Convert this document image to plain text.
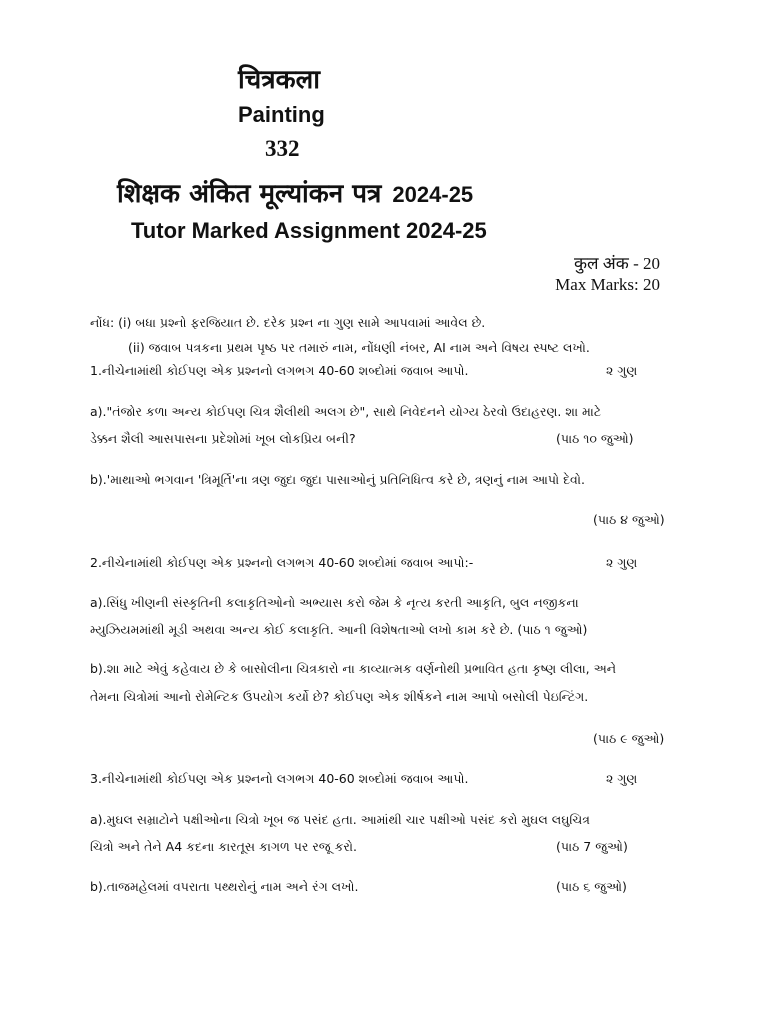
चित्रकला
Painting
332
शिक्षक अंकित मूल्यांकन पत्र 2024-25
Tutor Marked Assignment 2024-25
कुल अंक - 20
Max Marks: 20
નોંધ: (i) બધા પ્રશ્નો ફરજિયાત છે. દરેક પ્રશ્ન ના ગુણ સામે આપવામાં આવેલ છે.
(ii) જવાબ પત્રકના પ્રથમ પૃષ્ઠ પર તમારું નામ, નોંધણી નંબર, AI નામ અને વિષય સ્પષ્ટ લખો.
1.નીચેનામાંથી કોઈપણ એક પ્રશ્નનો લગભગ 40-60 શબ્દોમાં જવાબ આપો.	૨ ગુણ
a)."તંજોર કળા અન્ય કોઈપણ ચિત્ર શૈલીથી અલગ છે", સાથે નિવેદનને યોગ્ય ઠેરવો ઉદાહરણ. શા માટે
ડેક્કન શૈલી આસપાસના પ્રદેશોમાં ખૂબ લોકપ્રિય બની?	(પાઠ ૧૦ જુઓ)
b).'માથાઓ ભગવાન 'ત્રિમૂર્તિ'ના ત્રણ જુદા જુદા પાસાઓનું પ્રતિનિધિત્વ કરે છે, ત્રણનું નામ આપો દેવો.
(પાઠ ૪ જુઓ)
2.નીચેનામાંથી કોઈપણ એક પ્રશ્નનો લગભગ 40-60 શબ્દોમાં જવાબ આપો:-	૨ ગુણ
a).સિંધુ ખીણની સંસ્કૃતિની કલાકૃતિઓનો અભ્યાસ કરો જેમ કે નૃત્ય કરતી આકૃતિ, બુલ નજીકના
મ્યુઝિયમમાંથી મૂડી અથવા અન્ય કોઈ કલાકૃતિ. આની વિશેષતાઓ લખો કામ કરે છે. (પાઠ ૧ જુઓ)
b).શા માટે એવું કહેવાય છે કે બાસોલીના ચિત્રકારો ના કાવ્યાત્મક વર્ણનોથી પ્રભાવિત હતા કૃષ્ણ લીલા, અને
તેમના ચિત્રોમાં આનો રોમેન્ટિક ઉપયોગ કર્યો છે? કોઈપણ એક શીર્ષકને નામ આપો બસોલી પેઇન્ટિંગ.
(પાઠ ૯ જુઓ)
3.નીચેનામાંથી કોઈપણ એક પ્રશ્નનો લગભગ 40-60 શબ્દોમાં જવાબ આપો.	૨ ગુણ
a).મુઘલ સમ્રાટોને પક્ષીઓના ચિત્રો ખૂબ જ પસંદ હતા. આમાંથી ચાર પક્ષીઓ પસંદ કરો મુઘલ લઘુચિત્ર
ચિત્રો અને તેને A4 કદના કારતૂસ કાગળ પર રજૂ કરો.	(પાઠ 7 જુઓ)
b).તાજમહેલમાં વપરાતા પથ્થરોનું નામ અને રંગ લખો.	(પાઠ ૬ જુઓ)
